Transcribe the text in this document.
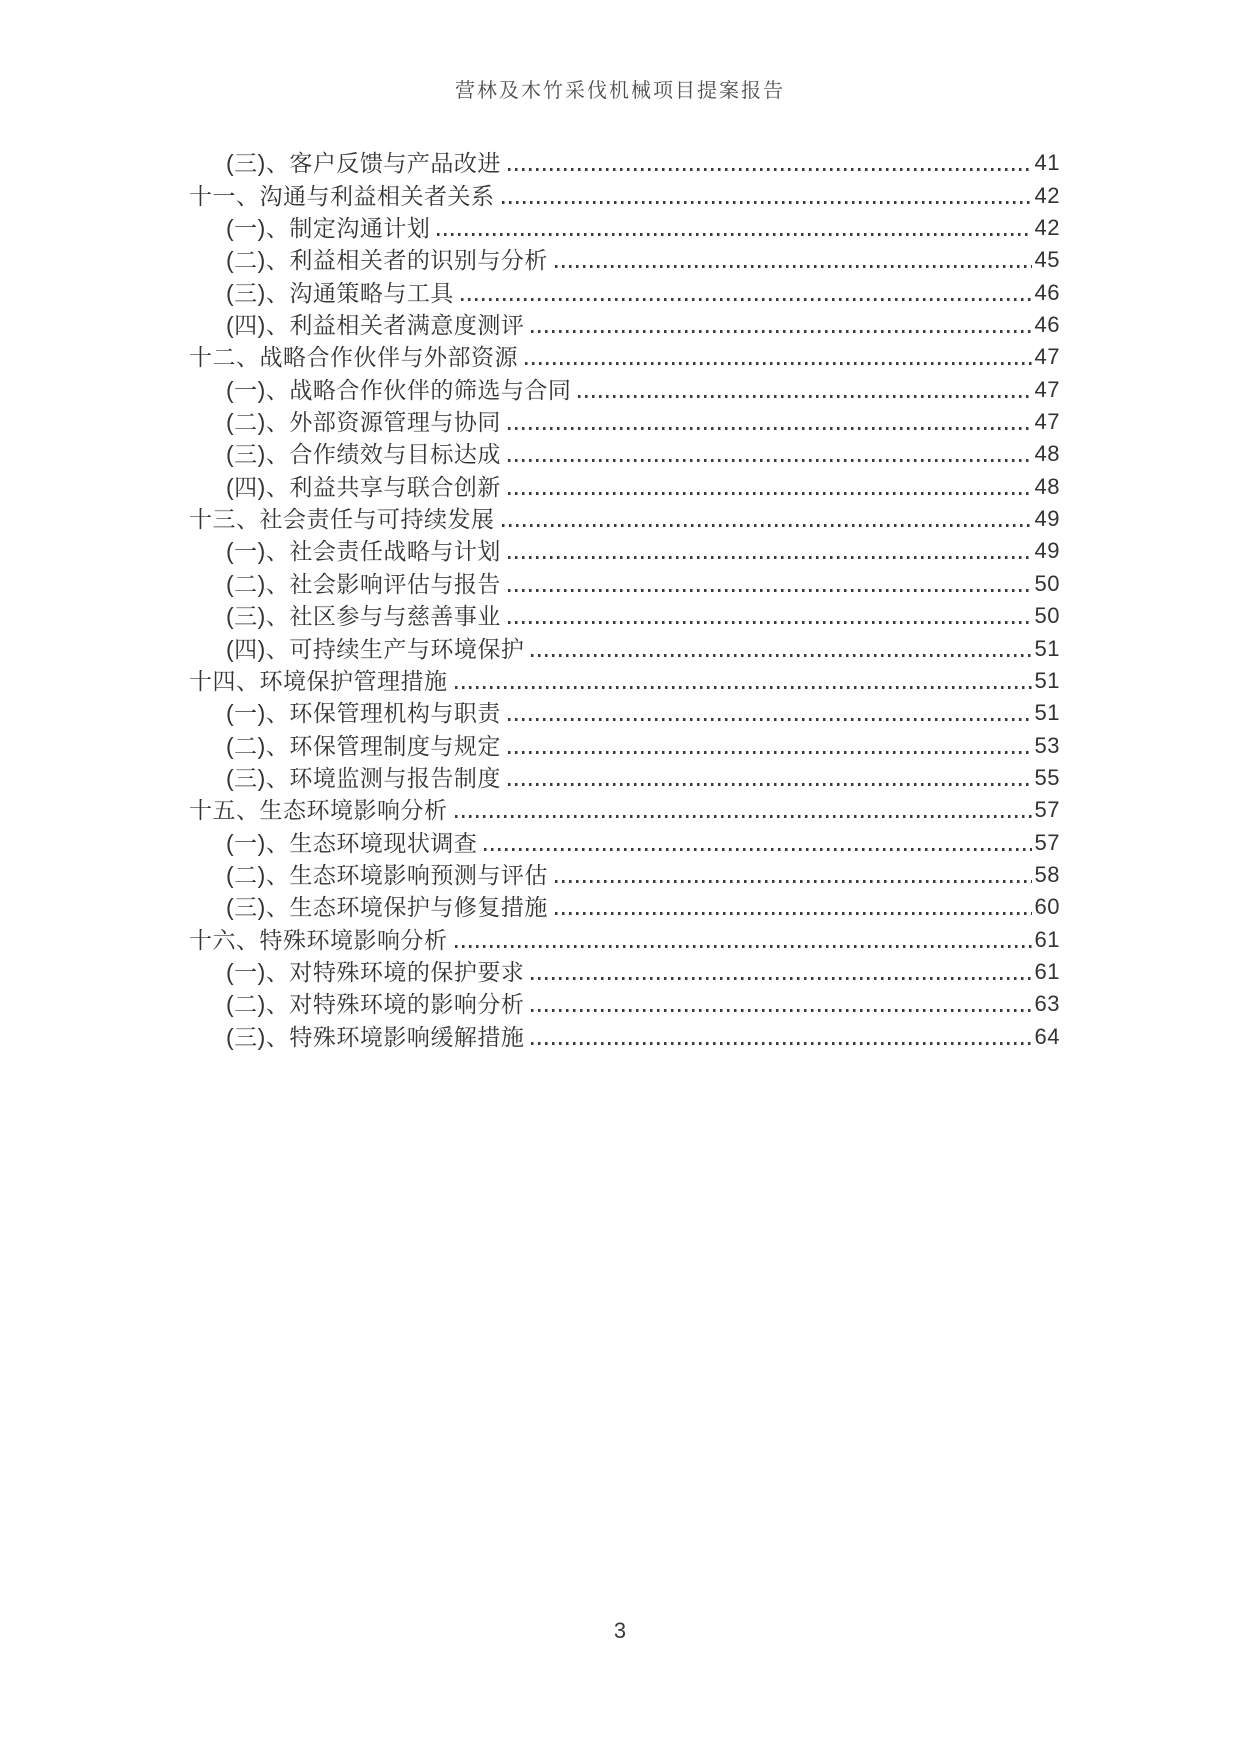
营林及木竹采伐机械项目提案报告
(三)、客户反馈与产品改进	41
十一、沟通与利益相关者关系	42
(一)、制定沟通计划	42
(二)、利益相关者的识别与分析	45
(三)、沟通策略与工具	46
(四)、利益相关者满意度测评	46
十二、战略合作伙伴与外部资源	47
(一)、战略合作伙伴的筛选与合同	47
(二)、外部资源管理与协同	47
(三)、合作绩效与目标达成	48
(四)、利益共享与联合创新	48
十三、社会责任与可持续发展	49
(一)、社会责任战略与计划	49
(二)、社会影响评估与报告	50
(三)、社区参与与慈善事业	50
(四)、可持续生产与环境保护	51
十四、环境保护管理措施	51
(一)、环保管理机构与职责	51
(二)、环保管理制度与规定	53
(三)、环境监测与报告制度	55
十五、生态环境影响分析	57
(一)、生态环境现状调查	57
(二)、生态环境影响预测与评估	58
(三)、生态环境保护与修复措施	60
十六、特殊环境影响分析	61
(一)、对特殊环境的保护要求	61
(二)、对特殊环境的影响分析	63
(三)、特殊环境影响缓解措施	64
3
